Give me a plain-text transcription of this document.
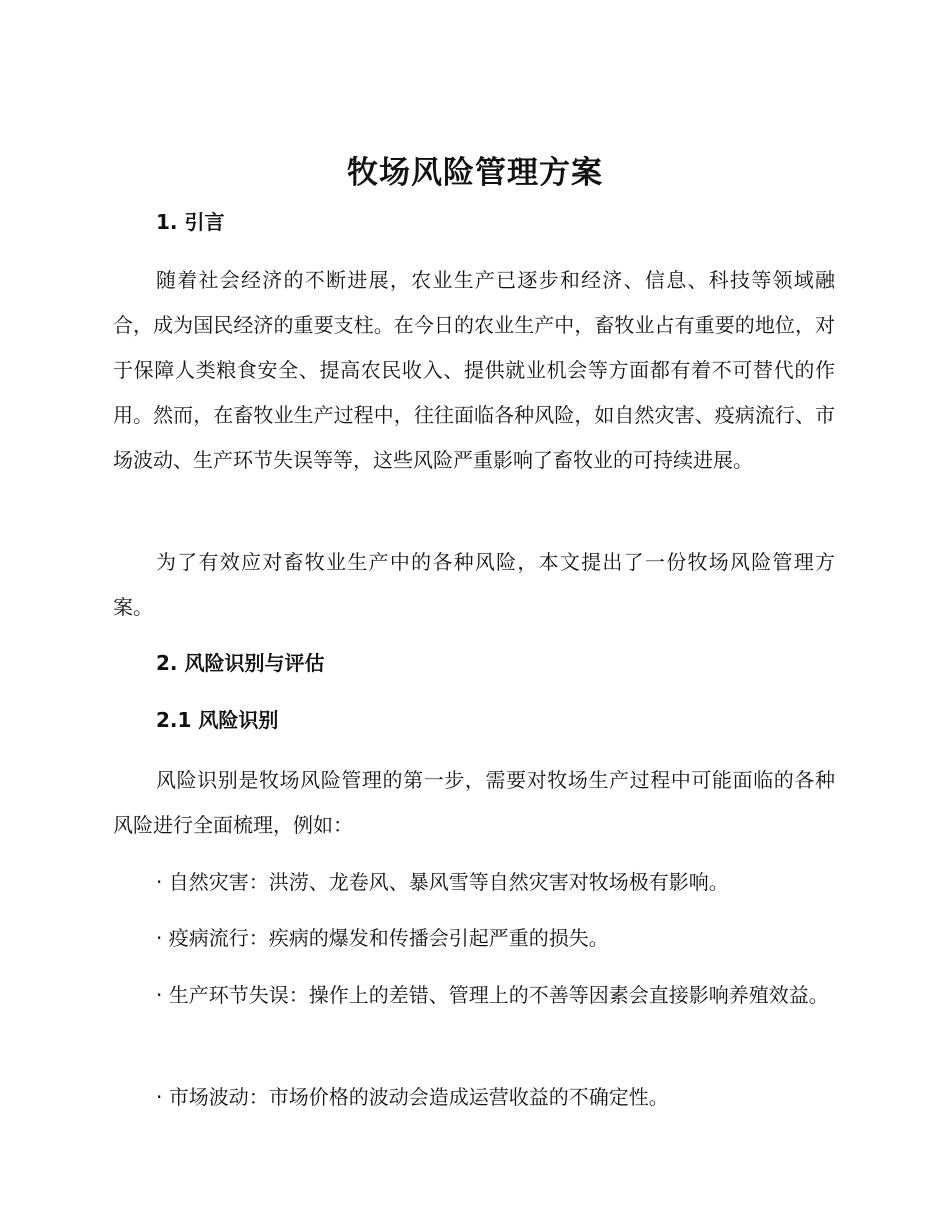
牧场风险管理方案
1. 引言

随着社会经济的不断进展，农业生产已逐步和经济、信息、科技等领域融合，成为国民经济的重要支柱。在今日的农业生产中，畜牧业占有重要的地位，对于保障人类粮食安全、提高农民收入、提供就业机会等方面都有着不可替代的作用。然而，在畜牧业生产过程中，往往面临各种风险，如自然灾害、疫病流行、市场波动、生产环节失误等等，这些风险严重影响了畜牧业的可持续进展。

为了有效应对畜牧业生产中的各种风险，本文提出了一份牧场风险管理方案。

2. 风险识别与评估
2.1 风险识别

风险识别是牧场风险管理的第一步，需要对牧场生产过程中可能面临的各种风险进行全面梳理，例如：

· 自然灾害：洪涝、龙卷风、暴风雪等自然灾害对牧场极有影响。

· 疫病流行：疾病的爆发和传播会引起严重的损失。

· 生产环节失误：操作上的差错、管理上的不善等因素会直接影响养殖效益。

· 市场波动：市场价格的波动会造成运营收益的不确定性。
